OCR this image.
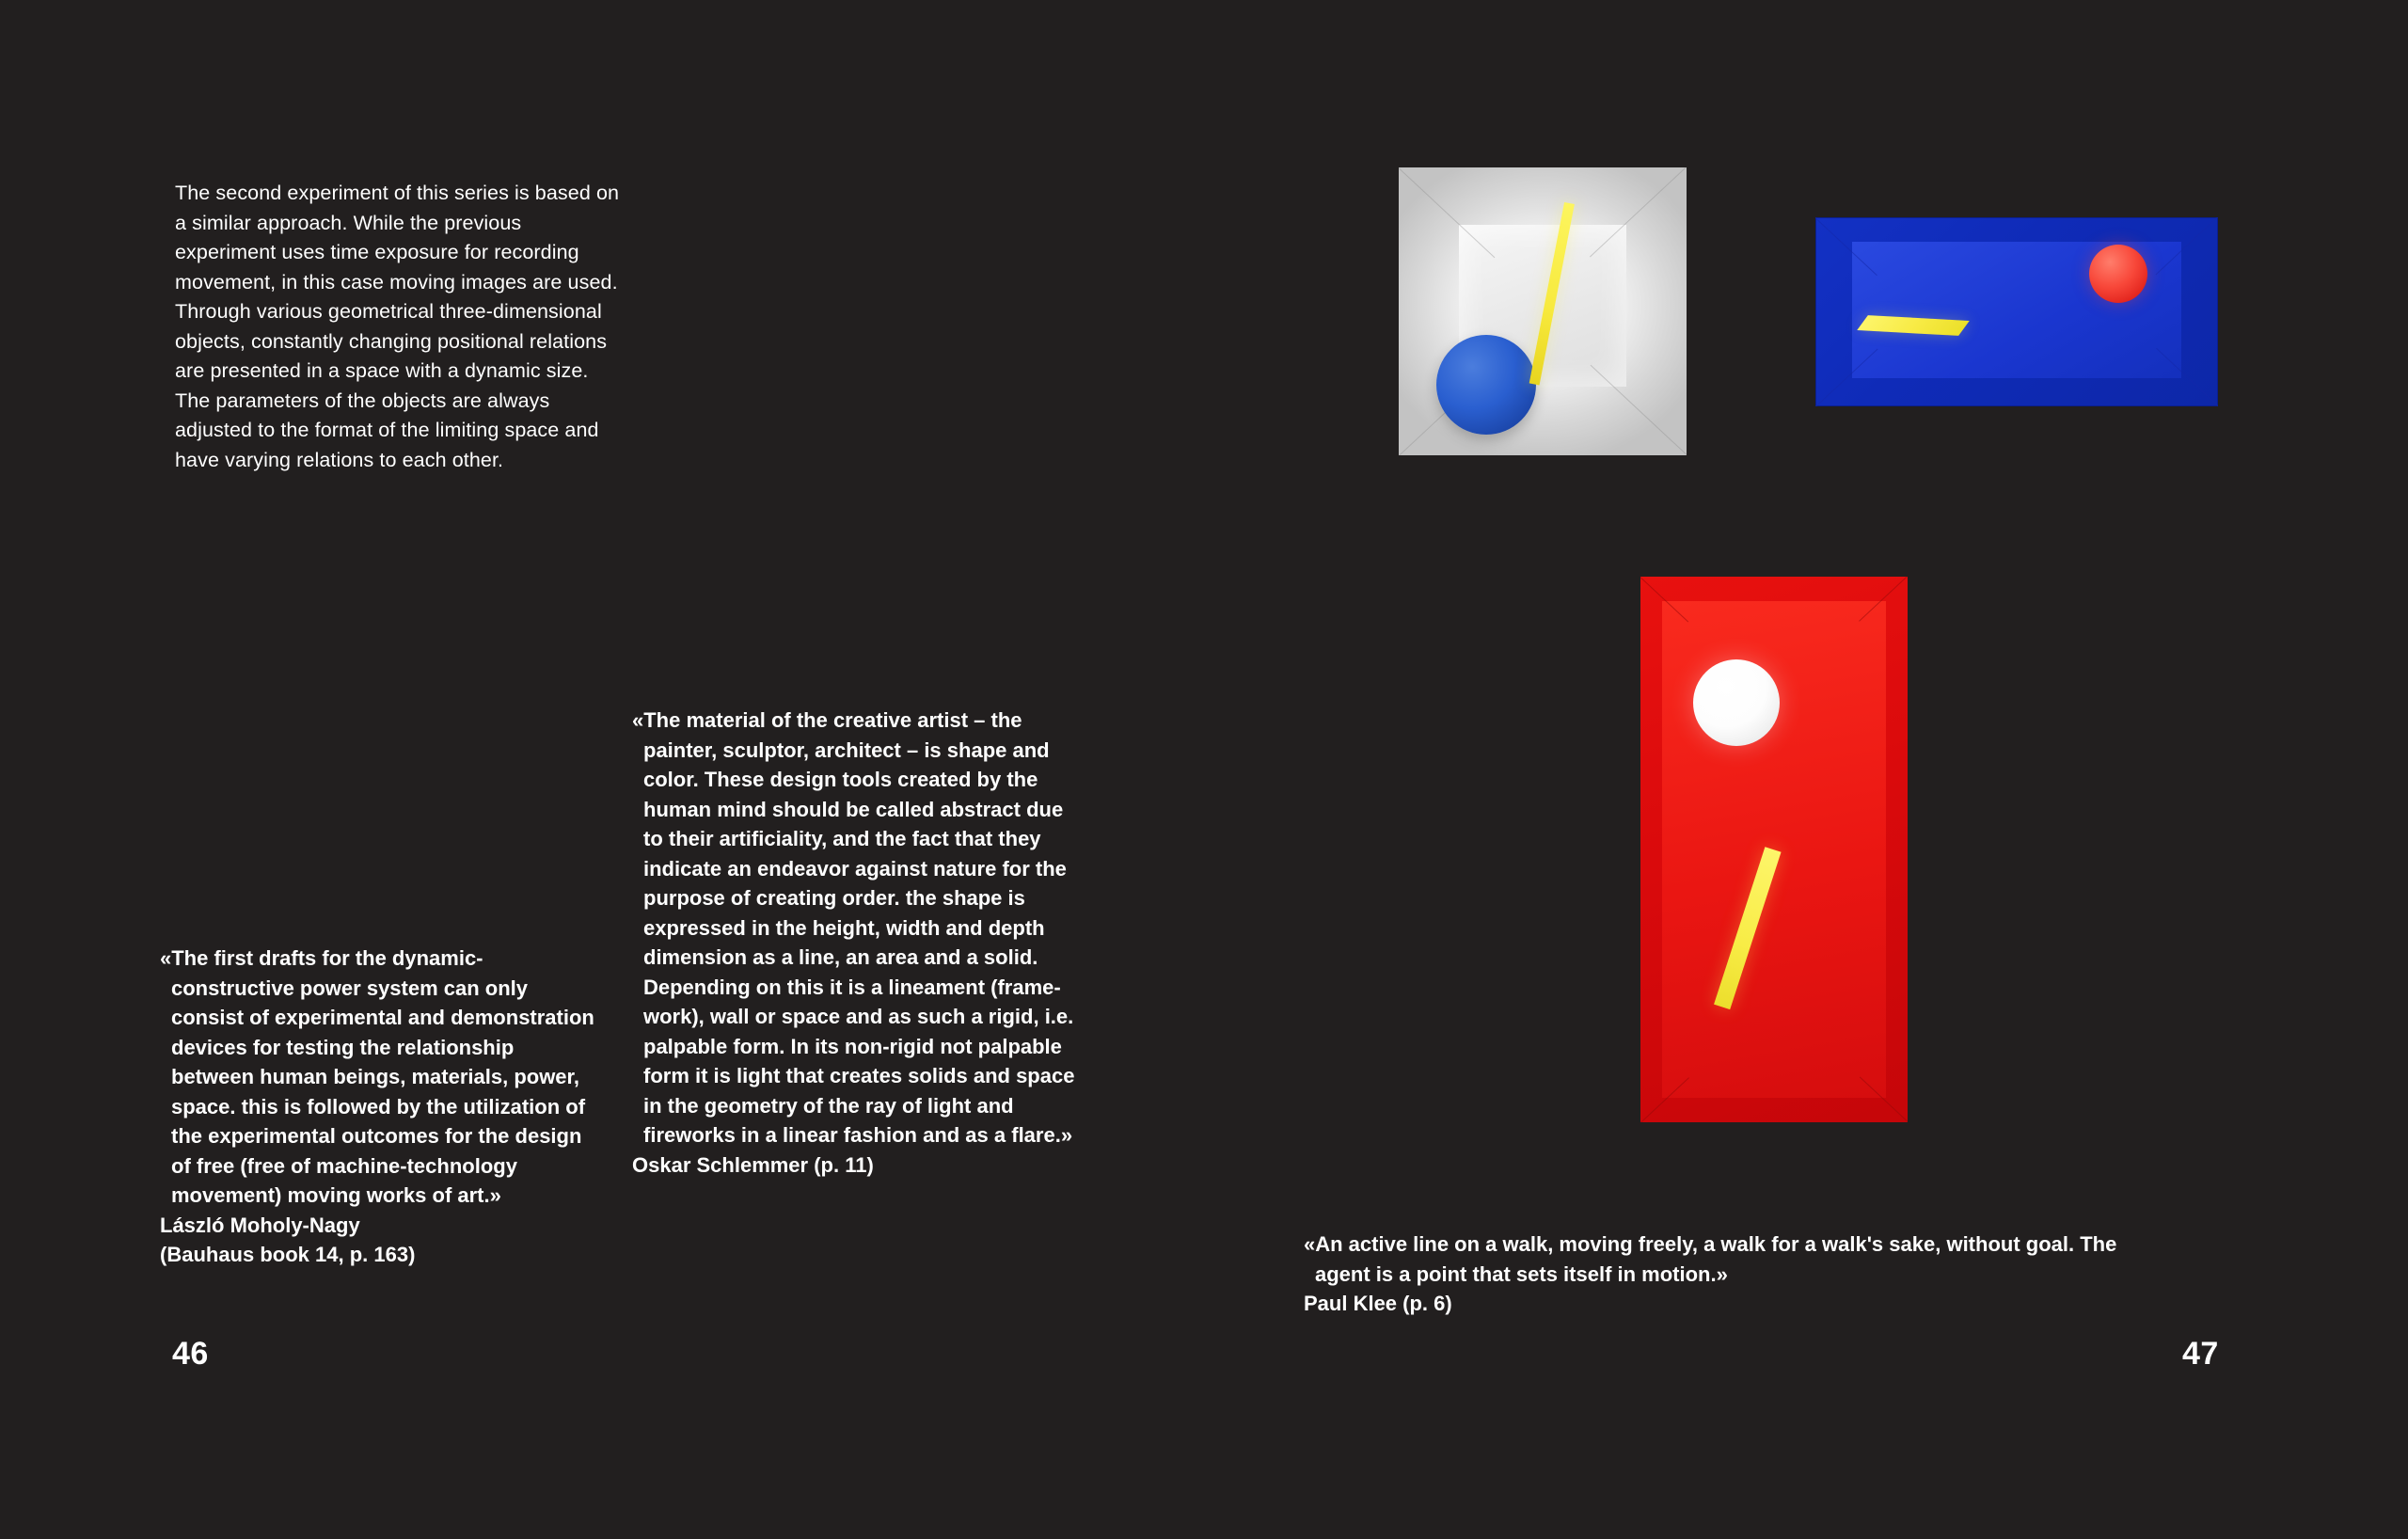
The second experiment of this series is based on a similar approach. While the previous experiment uses time exposure for recording movement, in this case moving images are used. Through various geometrical three-dimensional objects, constantly changing positional relations are presented in a space with a dynamic size. The parameters of the objects are always adjusted to the format of the limiting space and have varying relations to each other.
«The first drafts for the dynamic-constructive power system can only consist of experimental and demonstration devices for testing the relationship between human beings, materials, power, space. this is followed by the utilization of the experimental outcomes for the design of free (free of machine-technology movement) moving works of art.»
László Moholy-Nagy
(Bauhaus book 14, p. 163)
«The material of the creative artist – the painter, sculptor, architect – is shape and color. These design tools created by the human mind should be called abstract due to their artificiality, and the fact that they indicate an endeavor against nature for the purpose of creating order. the shape is expressed in the height, width and depth dimension as a line, an area and a solid. Depending on this it is a lineament (frame-work), wall or space and as such a rigid, i.e. palpable form. In its non-rigid not palpable form it is light that creates solids and space in the geometry of the ray of light and fireworks in a linear fashion and as a flare.»
Oskar Schlemmer (p. 11)
«An active line on a walk, moving freely, a walk for a walk's sake, without goal. The agent is a point that sets itself in motion.»
Paul Klee (p. 6)
46	47
